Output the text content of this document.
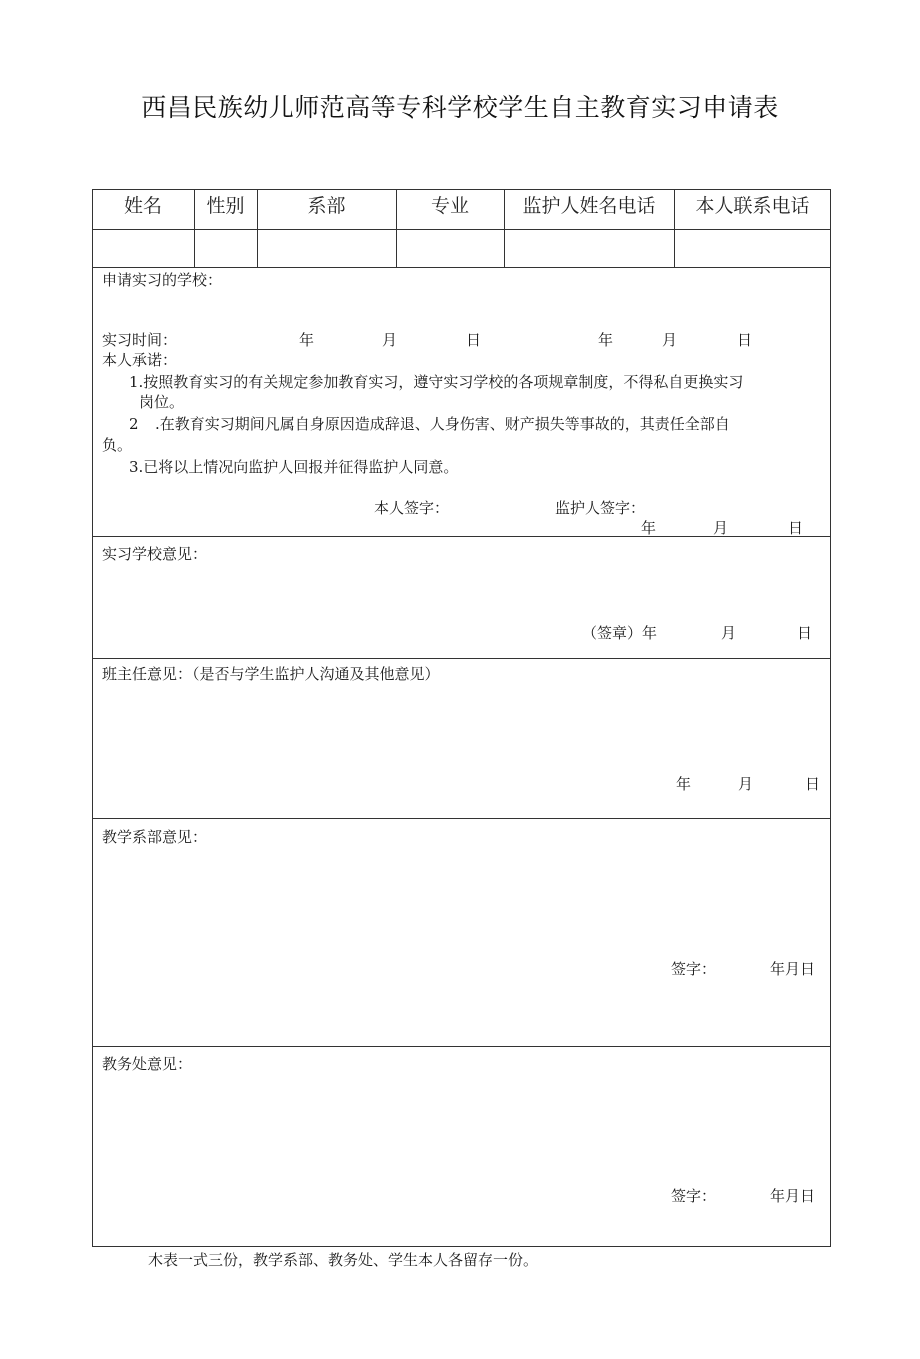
西昌民族幼儿师范高等专科学校学生自主教育实习申请表
姓名	性别	系部	专业	监护人姓名电话	本人联系电话
申请实习的学校：
实习时间：	年	月	日	年	月	日
本人承诺：
1.按照教育实习的有关规定参加教育实习，遵守实习学校的各项规章制度，不得私自更换实习
岗位。
2 .在教育实习期间凡属自身原因造成辞退、人身伤害、财产损失等事故的，其责任全部自
负。
3.已将以上情况向监护人回报并征得监护人同意。
本人签字：	监护人签字：
年	月	日
实习学校意见：
（签章）年	月	日
班主任意见：（是否与学生监护人沟通及其他意见）
年	月	日
教学系部意见：
签字：	年月日
教务处意见：
签字：	年月日
木表一式三份，教学系部、教务处、学生本人各留存一份。
